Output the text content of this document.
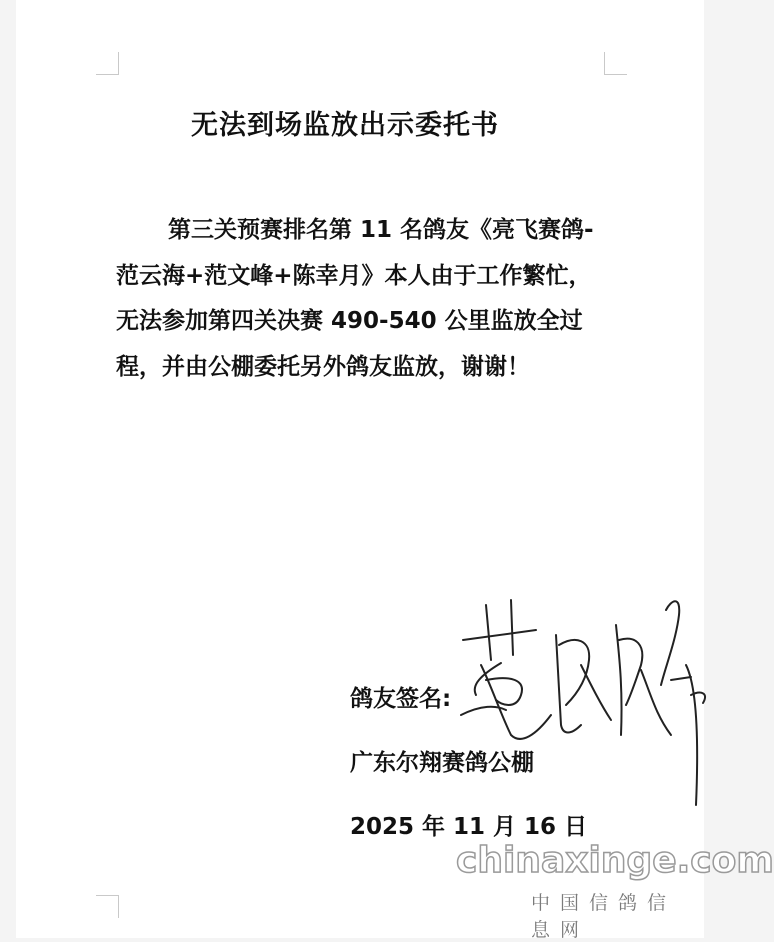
无法到场监放出示委托书

第三关预赛排名第 11 名鸽友《亮飞赛鸽-范云海+范文峰+陈幸月》本人由于工作繁忙，无法参加第四关决赛 490-540 公里监放全过程，并由公棚委托另外鸽友监放，谢谢！

鸽友签名:
广东尔翔赛鸽公棚
2025 年 11 月 16 日
chinaxinge.com
中国信鸽信息网
